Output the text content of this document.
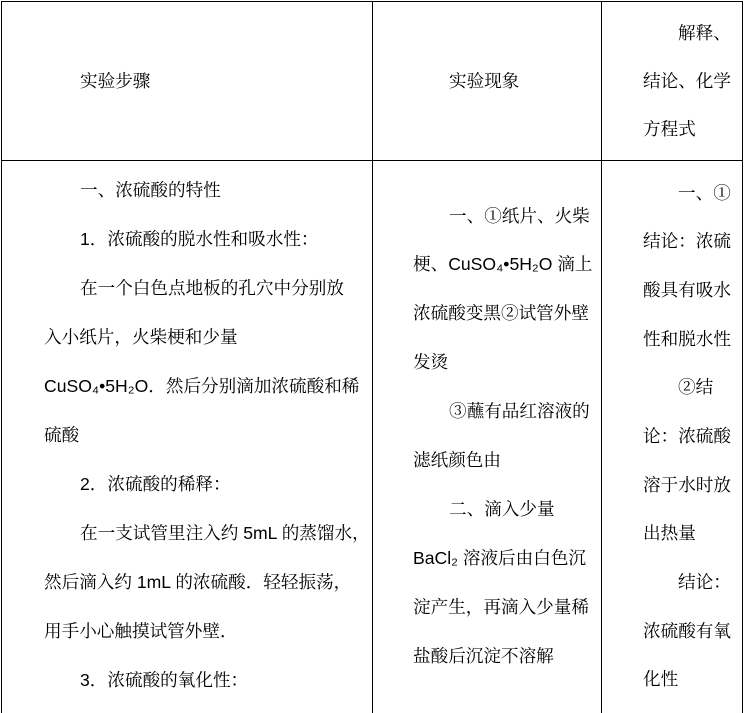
实验步骤	实验现象
解释、
结论、化学
方程式
一、浓硫酸的特性
1．浓硫酸的脱水性和吸水性：
在一个白色点地板的孔穴中分别放
入小纸片，火柴梗和少量
CuSO₄•5H₂O．然后分别滴加浓硫酸和稀
硫酸
2．浓硫酸的稀释：
在一支试管里注入约 5mL 的蒸馏水，
然后滴入约 1mL 的浓硫酸．轻轻振荡，
用手小心触摸试管外壁．
3．浓硫酸的氧化性：
一、①纸片、火柴
梗、CuSO₄•5H₂O 滴上
浓硫酸变黑②试管外壁
发烫
③蘸有品红溶液的
滤纸颜色由
二、滴入少量
BaCl₂ 溶液后由白色沉
淀产生，再滴入少量稀
盐酸后沉淀不溶解
一、①
结论：浓硫
酸具有吸水
性和脱水性
②结
论：浓硫酸
溶于水时放
出热量
结论：
浓硫酸有氧
化性
